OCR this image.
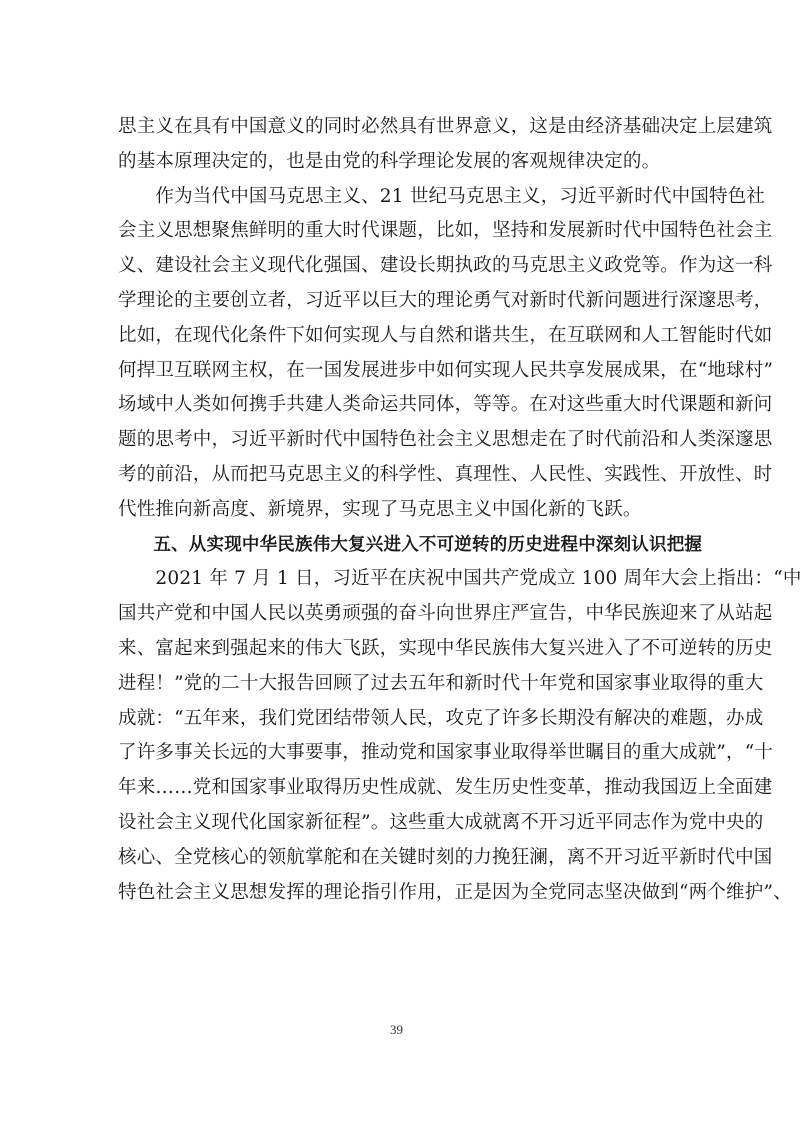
思主义在具有中国意义的同时必然具有世界意义，这是由经济基础决定上层建筑
的基本原理决定的，也是由党的科学理论发展的客观规律决定的。
　　作为当代中国马克思主义、21 世纪马克思主义，习近平新时代中国特色社
会主义思想聚焦鲜明的重大时代课题，比如，坚持和发展新时代中国特色社会主
义、建设社会主义现代化强国、建设长期执政的马克思主义政党等。作为这一科
学理论的主要创立者，习近平以巨大的理论勇气对新时代新问题进行深邃思考，
比如，在现代化条件下如何实现人与自然和谐共生，在互联网和人工智能时代如
何捍卫互联网主权，在一国发展进步中如何实现人民共享发展成果，在“地球村”
场域中人类如何携手共建人类命运共同体，等等。在对这些重大时代课题和新问
题的思考中，习近平新时代中国特色社会主义思想走在了时代前沿和人类深邃思
考的前沿，从而把马克思主义的科学性、真理性、人民性、实践性、开放性、时
代性推向新高度、新境界，实现了马克思主义中国化新的飞跃。
　　五、从实现中华民族伟大复兴进入不可逆转的历史进程中深刻认识把握
　　2021 年 7 月 1 日，习近平在庆祝中国共产党成立 100 周年大会上指出：“中
国共产党和中国人民以英勇顽强的奋斗向世界庄严宣告，中华民族迎来了从站起
来、富起来到强起来的伟大飞跃，实现中华民族伟大复兴进入了不可逆转的历史
进程！”党的二十大报告回顾了过去五年和新时代十年党和国家事业取得的重大
成就：“五年来，我们党团结带领人民，攻克了许多长期没有解决的难题，办成
了许多事关长远的大事要事，推动党和国家事业取得举世瞩目的重大成就”，“十
年来……党和国家事业取得历史性成就、发生历史性变革，推动我国迈上全面建
设社会主义现代化国家新征程”。这些重大成就离不开习近平同志作为党中央的
核心、全党核心的领航掌舵和在关键时刻的力挽狂澜，离不开习近平新时代中国
特色社会主义思想发挥的理论指引作用，正是因为全党同志坚决做到“两个维护”、
39
